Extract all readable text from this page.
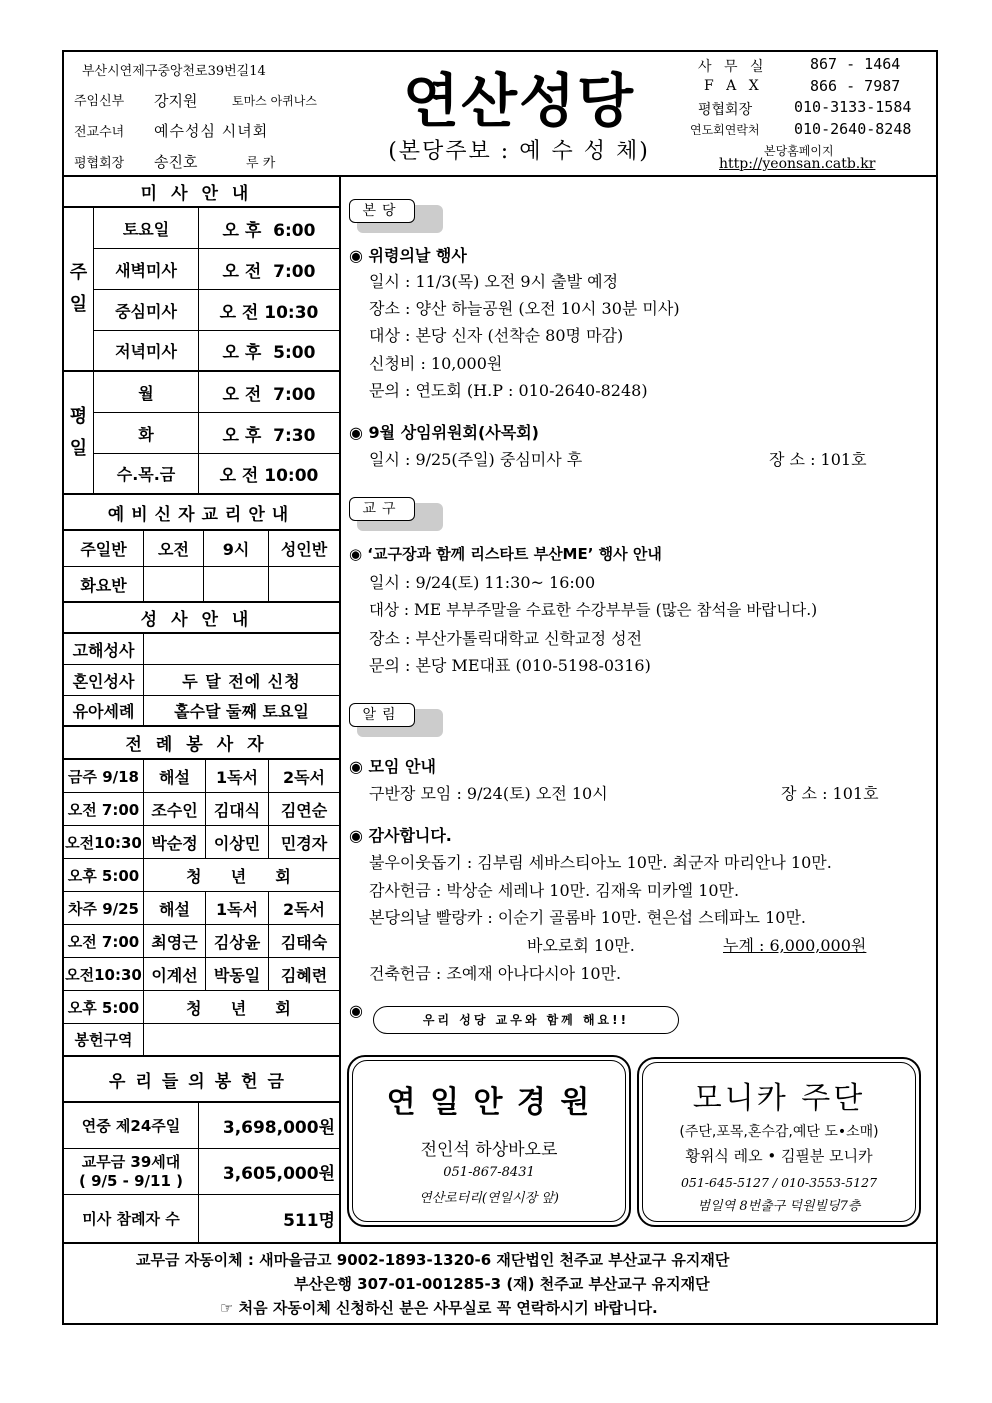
부산시연제구중앙천로39번길14
주임신부 강지원	토마스 아퀴나스
전교수녀 예수성심 시녀회
평협회장 송진호	루 카
연산성당
(본당주보 : 예 수 성 체)
사 무 실	867 - 1464
F A X	866 - 7987
평협회장	010-3133-1584
연도회연락처 010-2640-8248
본당홈페이지
http://yeonsan.catb.kr
미사안내
주
일
토요일	오 후  6:00
새벽미사	오 전  7:00
중심미사	오 전 10:30
저녁미사	오 후  5:00
평
일
월	오 전  7:00
화	오 후  7:30
수.목.금	오 전 10:00
예비신자교리안내
주일반	오전	9시	성인반
화요반
성사안내
고해성사
혼인성사	두 달 전에 신청
유아세례	홀수달 둘째 토요일
전례봉사자
금주 9/18	해설	1독서	2독서
오전 7:00 조수인	김대식	김연순
오전10:30 박순정	이상민	민경자
오후 5:00	청  년  회
차주 9/25	해설	1독서	2독서
오전 7:00 최영근	김상윤	김태숙
오전10:30 이계선	박동일	김혜련
오후 5:00	청  년  회
봉헌구역
우리들의봉헌금
연중 제24주일	3,698,000원
교무금 39세대
( 9/5 - 9/11 )	3,605,000원
미사 참례자 수	511명
본당
◉ 위령의날 행사
일시 : 11/3(목) 오전 9시 출발 예정
장소 : 양산 하늘공원 (오전 10시 30분 미사)
대상 : 본당 신자 (선착순 80명 마감)
신청비 : 10,000원
문의 : 연도회 (H.P : 010-2640-8248)
◉ 9월 상임위원회(사목회)
일시 : 9/25(주일) 중심미사 후	장 소 : 101호
교구
◉ ‘교구장과 함께 리스타트 부산ME’ 행사 안내
일시 : 9/24(토) 11:30~ 16:00
대상 : ME 부부주말을 수료한 수강부부들 (많은 참석을 바랍니다.)
장소 : 부산가톨릭대학교 신학교정 성전
문의 : 본당 ME대표 (010-5198-0316)
알림
◉ 모임 안내
구반장 모임 : 9/24(토) 오전 10시	장 소 : 101호
◉ 감사합니다.
불우이웃돕기 : 김부림 세바스티아노 10만. 최군자 마리안나 10만.
감사헌금 : 박상순 세레나 10만. 김재욱 미카엘 10만.
본당의날 빨랑카 : 이순기 골롬바 10만. 현은섭 스테파노 10만.
바오로회 10만.	누계 : 6,000,000원
건축헌금 : 조예재 아나다시아 10만.
◉	우리 성당 교우와 함께 해요!!
연 일 안 경 원
전인석 하상바오로
051-867-8431
연산로터리(연일시장 앞)
모니카 주단
(주단,포목,혼수감,예단 도•소매)
황위식 레오 • 김필분 모니카
051-645-5127 / 010-3553-5127
범일역 8번출구 덕원빌딩7층
교무금 자동이체 : 새마을금고 9002-1893-1320-6 재단법인 천주교 부산교구 유지재단
부산은행 307-01-001285-3 (재) 천주교 부산교구 유지재단
☞ 처음 자동이체 신청하신 분은 사무실로 꼭 연락하시기 바랍니다.
